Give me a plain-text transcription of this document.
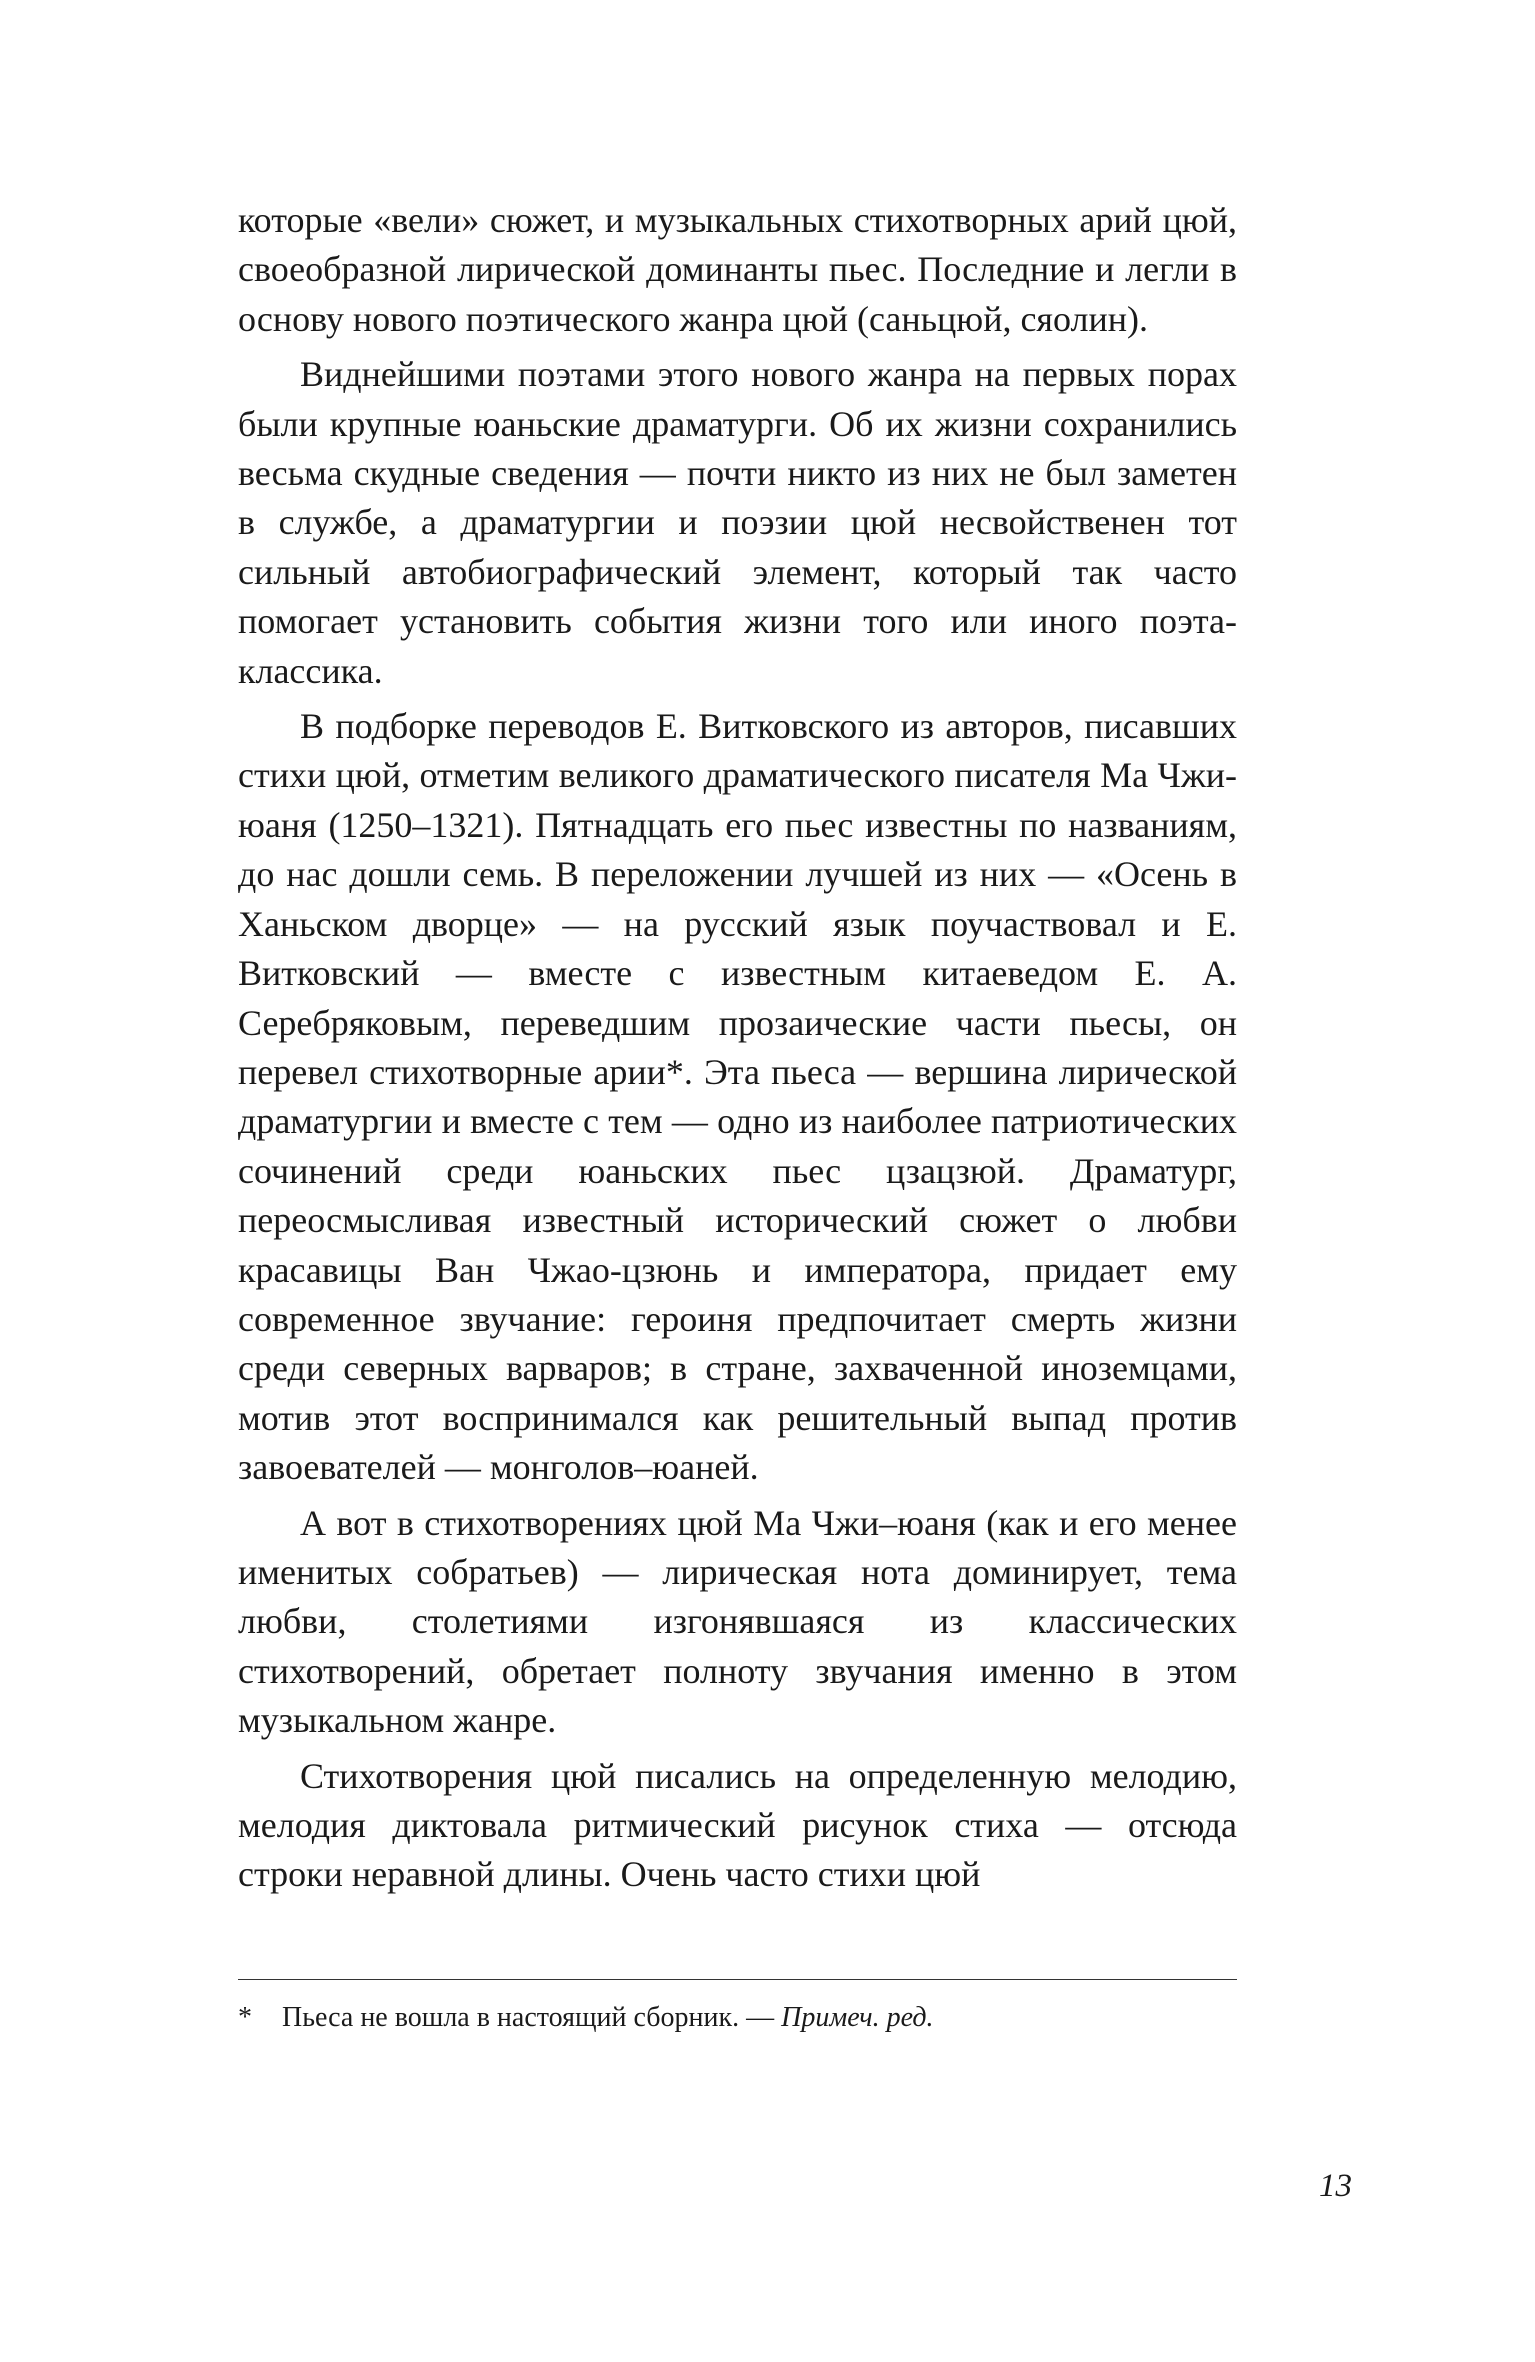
которые «вели» сюжет, и музыкальных стихотворных арий цюй, своеобразной лирической доминанты пьес. Последние и легли в основу нового поэтического жанра цюй (саньцюй, сяолин).

Виднейшими поэтами этого нового жанра на первых порах были крупные юаньские драматурги. Об их жизни сохранились весьма скудные сведения — почти никто из них не был заметен в службе, а драматургии и поэзии цюй несвойственен тот сильный автобиографический элемент, который так часто помогает установить события жизни того или иного поэта-классика.

В подборке переводов Е. Витковского из авторов, писавших стихи цюй, отметим великого драматического писателя Ма Чжи-юаня (1250–1321). Пятнадцать его пьес известны по названиям, до нас дошли семь. В переложении лучшей из них — «Осень в Ханьском дворце» — на русский язык поучаствовал и Е. Витковский — вместе с известным китаеведом Е. А. Серебряковым, переведшим прозаические части пьесы, он перевел стихотворные арии*. Эта пьеса — вершина лирической драматургии и вместе с тем — одно из наиболее патриотических сочинений среди юаньских пьес цзацзюй. Драматург, переосмысливая известный исторический сюжет о любви красавицы Ван Чжао-цзюнь и императора, придает ему современное звучание: героиня предпочитает смерть жизни среди северных варваров; в стране, захваченной иноземцами, мотив этот воспринимался как решительный выпад против завоевателей — монголов–юаней.

А вот в стихотворениях цюй Ма Чжи–юаня (как и его менее именитых собратьев) — лирическая нота доминирует, тема любви, столетиями изгонявшаяся из классических стихотворений, обретает полноту звучания именно в этом музыкальном жанре.

Стихотворения цюй писались на определенную мелодию, мелодия диктовала ритмический рисунок стиха — отсюда строки неравной длины. Очень часто стихи цюй

* Пьеса не вошла в настоящий сборник. — Примеч. ред.
13
